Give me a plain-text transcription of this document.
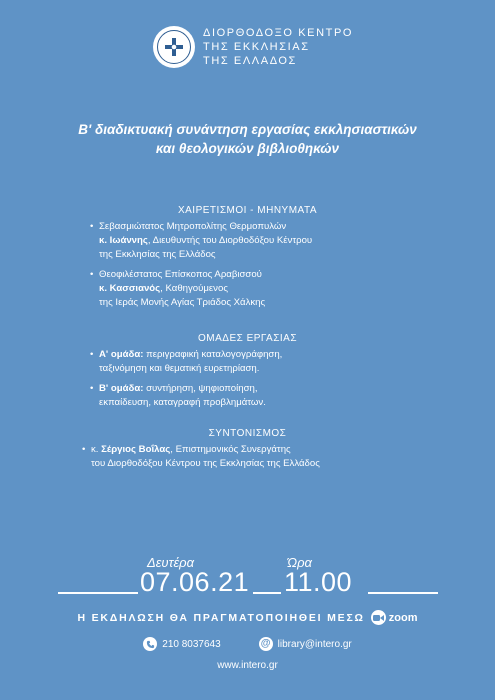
ΔΙΟΡΘΟΔΟΞΟ ΚΕΝΤΡΟ
ΤΗΣ ΕΚΚΛΗΣΙΑΣ
ΤΗΣ ΕΛΛΑΔΟΣ
Β' διαδικτυακή συνάντηση εργασίας εκκλησιαστικών
και θεολογικών βιβλιοθηκών
ΧΑΙΡΕΤΙΣΜΟΙ - ΜΗΝΥΜΑΤΑ
• Σεβασμιώτατος Μητροπολίτης Θερμοπυλών
κ. Ιωάννης, Διευθυντής του Διορθοδόξου Κέντρου
της Εκκλησίας της Ελλάδος
• Θεοφιλέστατος Επίσκοπος Αραβισσού
κ. Κασσιανός, Καθηγούμενος
της Ιεράς Μονής Αγίας Τριάδος Χάλκης
ΟΜΑΔΕΣ ΕΡΓΑΣΙΑΣ
• Α' ομάδα: περιγραφική καταλογογράφηση,
ταξινόμηση και θεματική ευρετηρίαση.
• Β' ομάδα: συντήρηση, ψηφιοποίηση,
εκπαίδευση, καταγραφή προβλημάτων.
ΣΥΝΤΟΝΙΣΜΟΣ
• κ. Σέργιος Βοΐλας, Επιστημονικός Συνεργάτης
του Διορθοδόξου Κέντρου της Εκκλησίας της Ελλάδος
Δευτέρα
07.06.21
Ώρα
11.00
Η ΕΚΔΗΛΩΣΗ ΘΑ ΠΡΑΓΜΑΤΟΠΟΙΗΘΕΙ ΜΕΣΩ zoom
210 8037643	@ library@intero.gr
www.intero.gr
